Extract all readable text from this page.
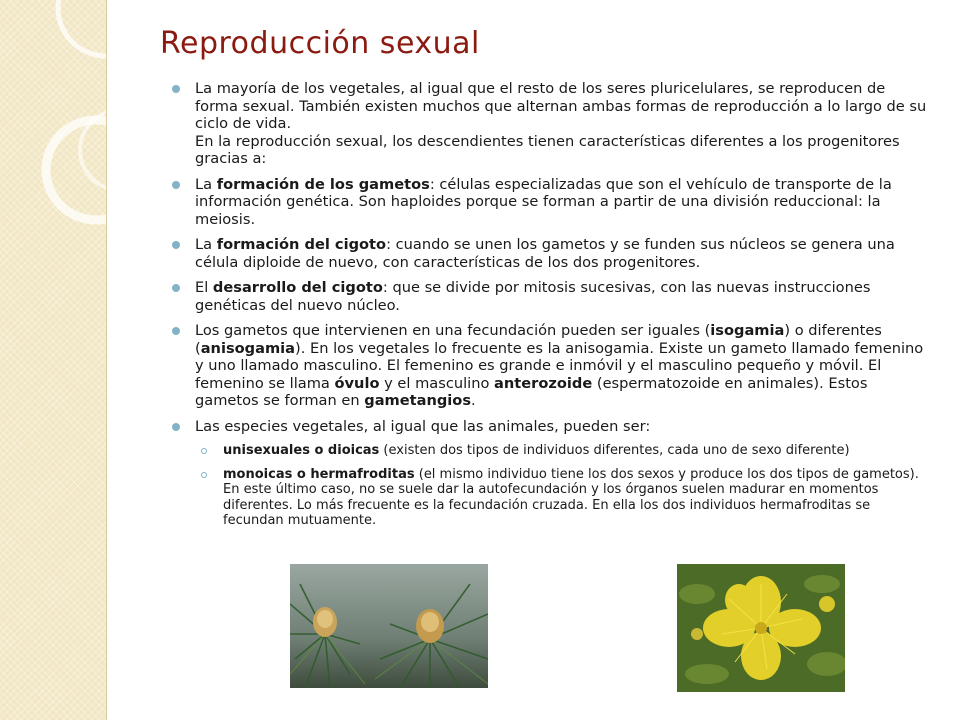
Reproducción sexual
La mayoría de los vegetales, al igual que el resto de los seres pluricelulares, se reproducen de forma sexual. También existen muchos que alternan ambas formas de reproducción a lo largo de su ciclo de vida.
En la reproducción sexual, los descendientes tienen características diferentes a los progenitores gracias a:
La formación de los gametos: células especializadas que son el vehículo de transporte de la información genética. Son haploides porque se forman a partir de una división reduccional: la meiosis.
La formación del cigoto: cuando se unen los gametos y se funden sus núcleos se genera una célula diploide de nuevo, con características de los dos progenitores.
El desarrollo del cigoto: que se divide por mitosis sucesivas, con las nuevas instrucciones genéticas del nuevo núcleo.
Los gametos que intervienen en una fecundación pueden ser iguales (isogamia) o diferentes (anisogamia). En los vegetales lo frecuente es la anisogamia. Existe un gameto llamado femenino y uno llamado masculino. El femenino es grande e inmóvil y el masculino pequeño y móvil. El femenino se llama óvulo y el masculino anterozoide (espermatozoide en animales). Estos gametos se forman en gametangios.
Las especies vegetales, al igual que las animales, pueden ser:
unisexuales o dioicas (existen dos tipos de individuos diferentes, cada uno de sexo diferente)
monoicas o hermafroditas (el mismo individuo tiene los dos sexos y produce los dos tipos de gametos). En este último caso, no se suele dar la autofecundación y los órganos suelen madurar en momentos diferentes. Lo más frecuente es la fecundación cruzada. En ella los dos individuos hermafroditas se fecundan mutuamente.
